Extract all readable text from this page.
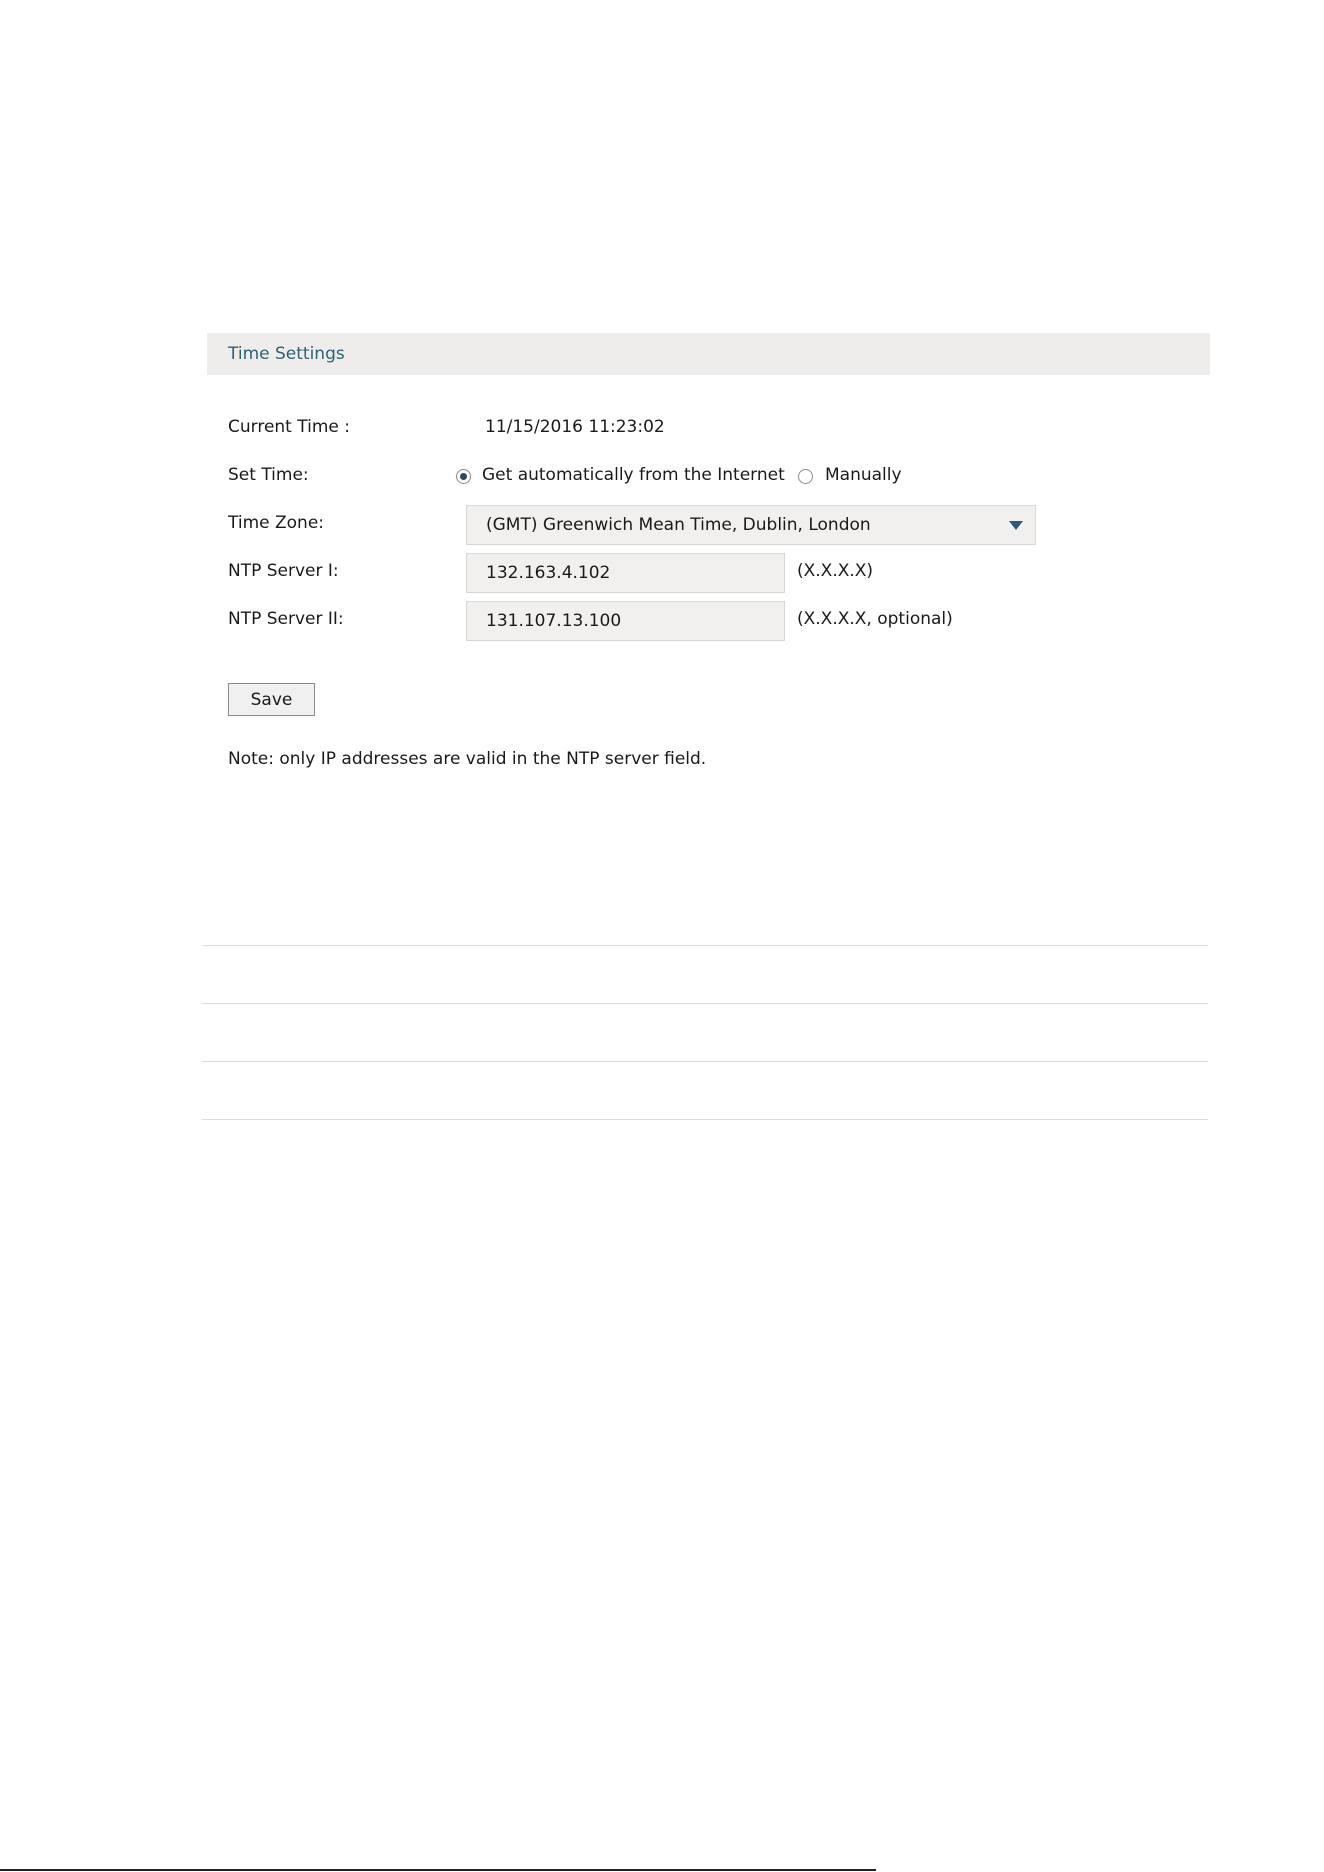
Time Settings
Current Time :	11/15/2016 11:23:02
Set Time:	Get automatically from the Internet Manually
Time Zone:	(GMT) Greenwich Mean Time, Dublin, London
NTP Server I:
132.163.4.102	(X.X.X.X)
NTP Server II:
131.107.13.100	(X.X.X.X, optional)
Save
Note: only IP addresses are valid in the NTP server field.
